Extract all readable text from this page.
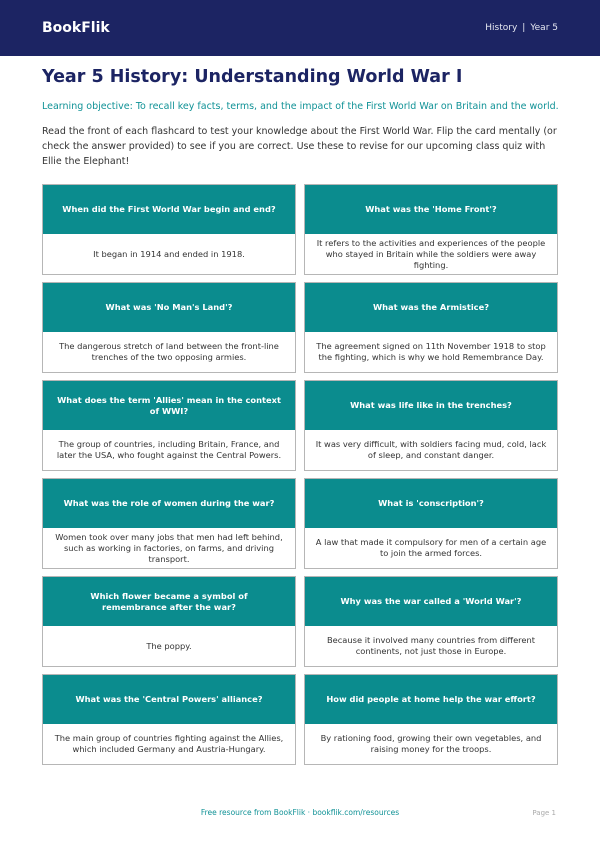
BookFlik	History | Year 5
Year 5 History: Understanding World War I

Learning objective: To recall key facts, terms, and the impact of the First World War on Britain and the world.

Read the front of each flashcard to test your knowledge about the First World War. Flip the card mentally (or check the answer provided) to see if you are correct. Use these to revise for our upcoming class quiz with Ellie the Elephant!

When did the First World War begin and end?
It began in 1914 and ended in 1918.
What was the 'Home Front'?
It refers to the activities and experiences of the people who stayed in Britain while the soldiers were away fighting.
What was 'No Man's Land'?
The dangerous stretch of land between the front-line trenches of the two opposing armies.
What was the Armistice?
The agreement signed on 11th November 1918 to stop the fighting, which is why we hold Remembrance Day.
What does the term 'Allies' mean in the context of WWI?
The group of countries, including Britain, France, and later the USA, who fought against the Central Powers.
What was life like in the trenches?
It was very difficult, with soldiers facing mud, cold, lack of sleep, and constant danger.
What was the role of women during the war?
Women took over many jobs that men had left behind, such as working in factories, on farms, and driving transport.
What is 'conscription'?
A law that made it compulsory for men of a certain age to join the armed forces.
Which flower became a symbol of remembrance after the war?
The poppy.
Why was the war called a 'World War'?
Because it involved many countries from different continents, not just those in Europe.
What was the 'Central Powers' alliance?
The main group of countries fighting against the Allies, which included Germany and Austria-Hungary.
How did people at home help the war effort?
By rationing food, growing their own vegetables, and raising money for the troops.
Free resource from BookFlik · bookflik.com/resources	Page 1
